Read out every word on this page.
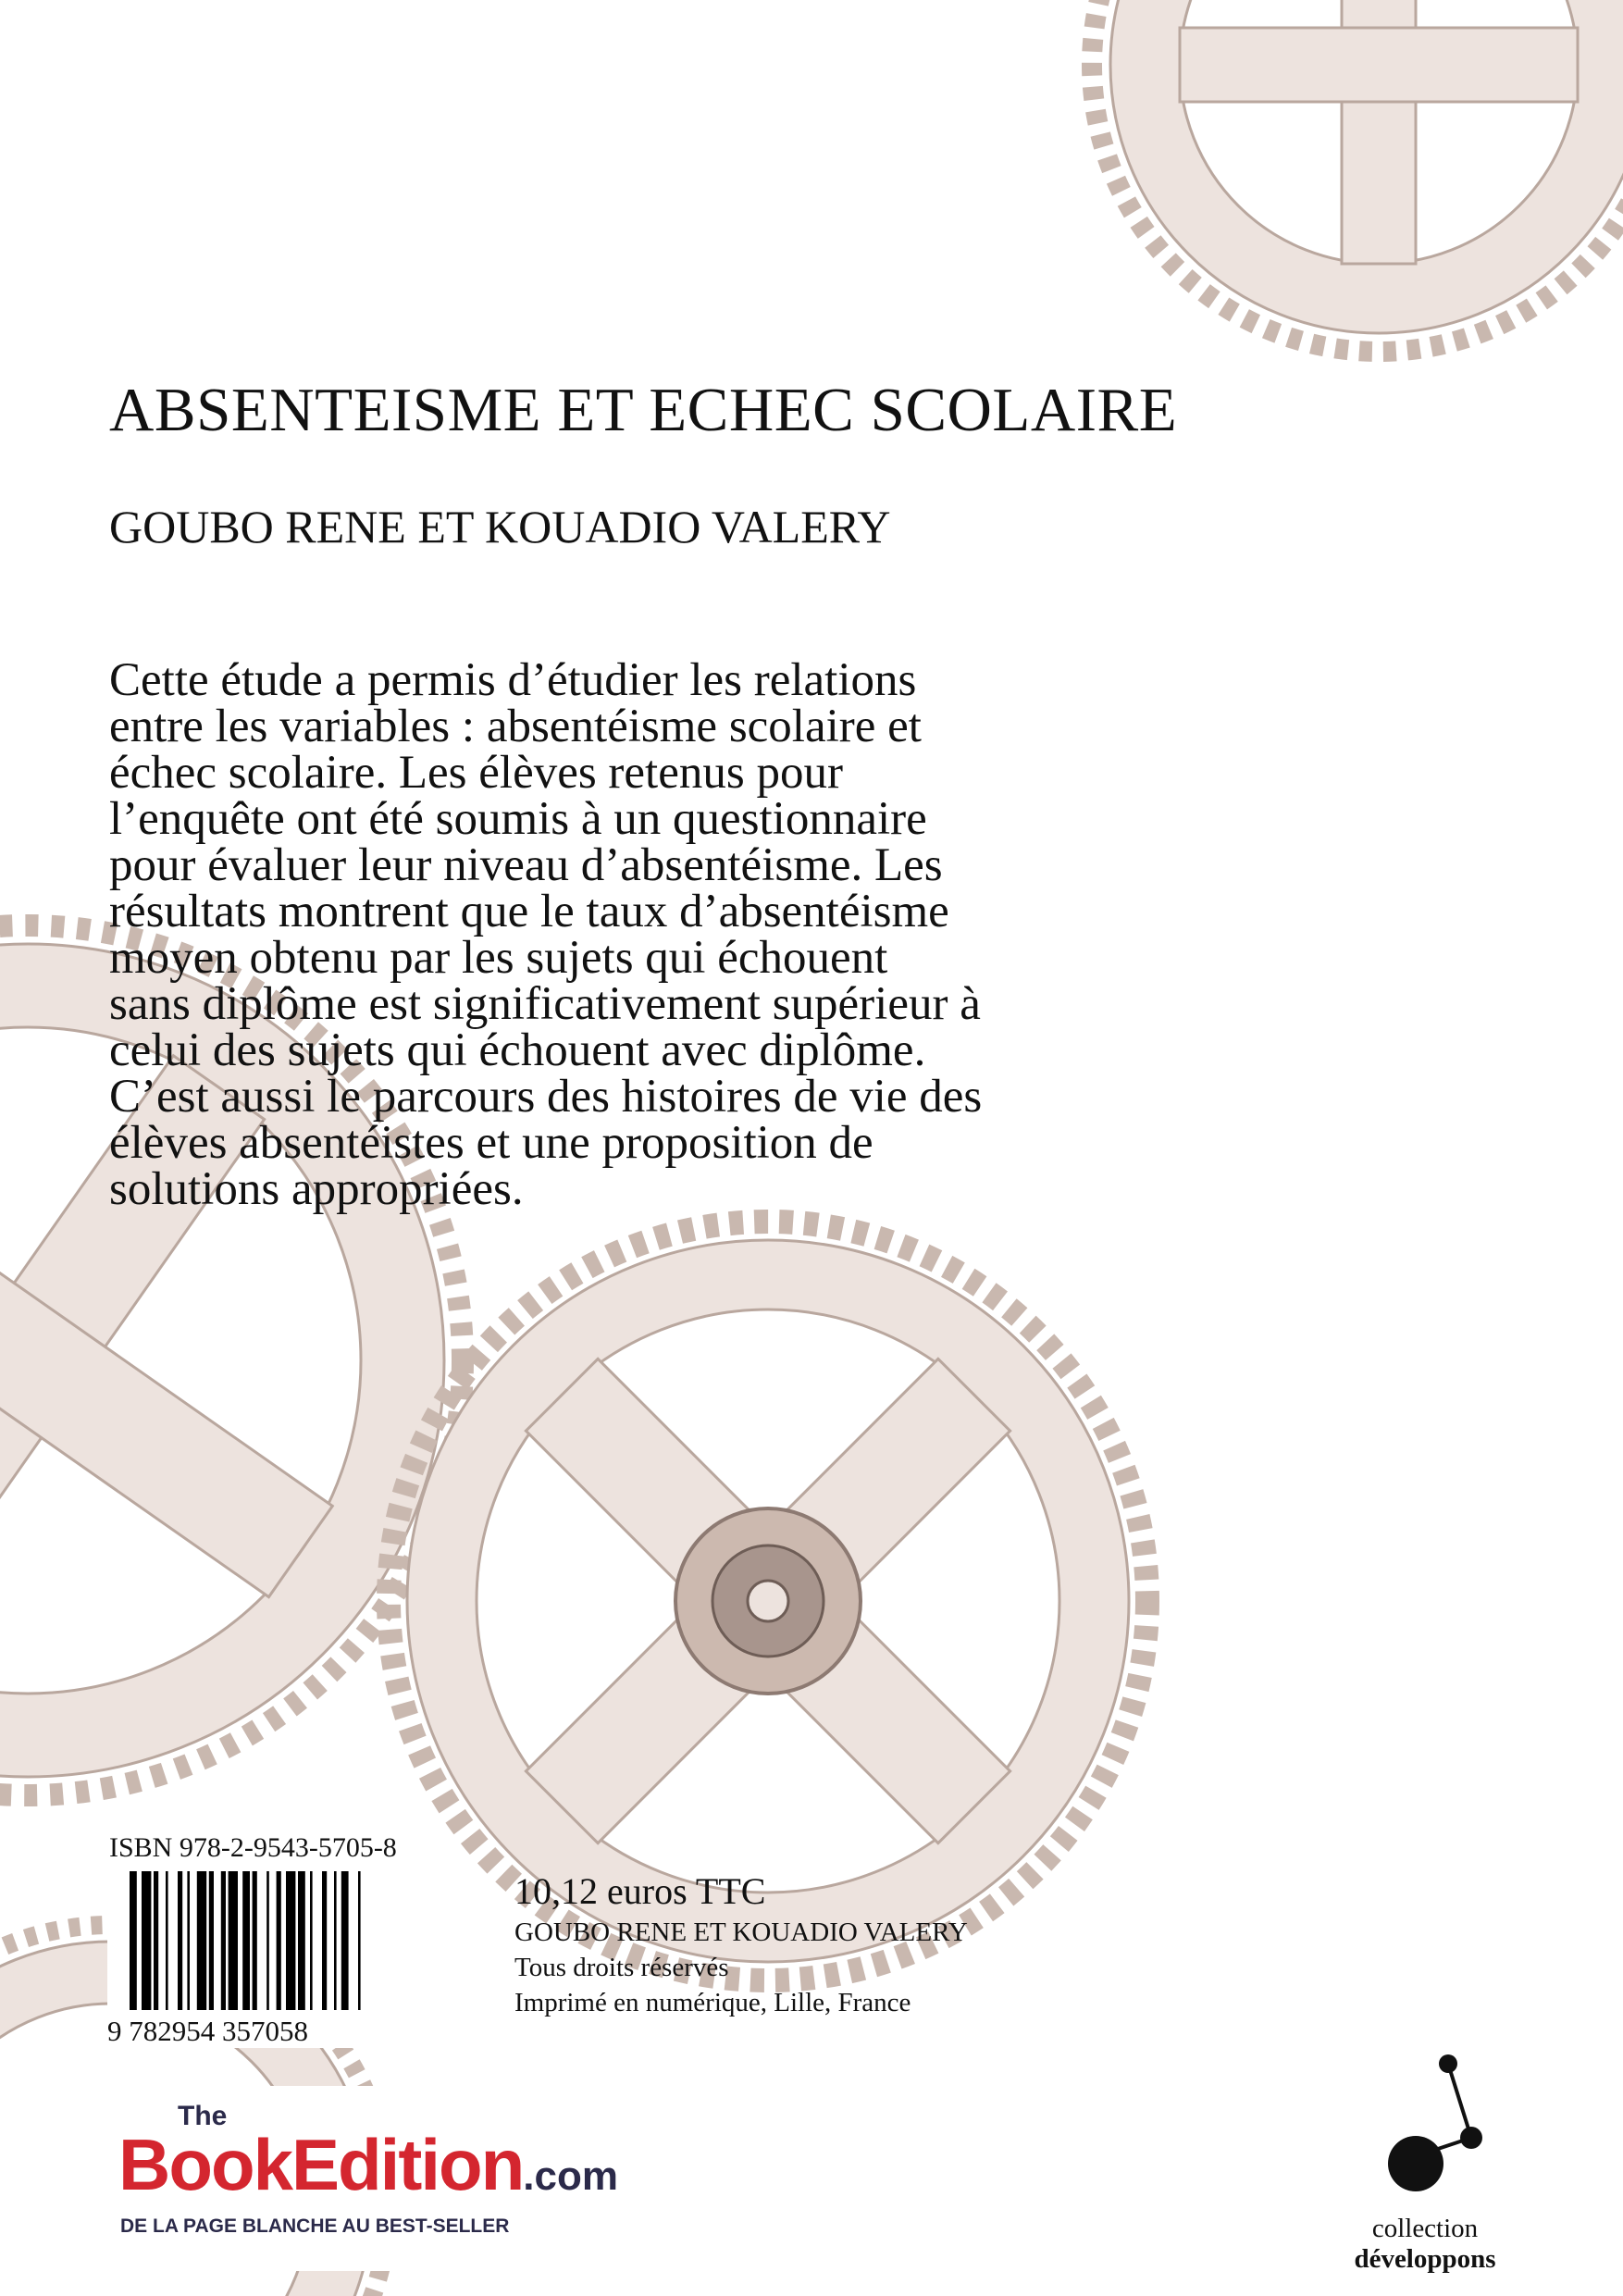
ABSENTEISME ET ECHEC SCOLAIRE
GOUBO RENE ET KOUADIO VALERY
Cette étude a permis d’étudier les relations
entre les variables : absentéisme scolaire et
échec scolaire. Les élèves retenus pour
l’enquête ont été soumis à un questionnaire
pour évaluer leur niveau d’absentéisme. Les
résultats montrent que le taux d’absentéisme
moyen obtenu par les sujets qui échouent
sans diplôme est significativement supérieur à
celui des sujets qui échouent avec diplôme.
C’est aussi le parcours des histoires de vie des
élèves absentéistes et une proposition de
solutions appropriées.
ISBN 978-2-9543-5705-8
9 782954 357058
10,12 euros TTC
GOUBO RENE ET KOUADIO VALERY
Tous droits réservés
Imprimé en numérique, Lille, France
The
BookEdition.com
DE LA PAGE BLANCHE AU BEST-SELLER	collection
développons
